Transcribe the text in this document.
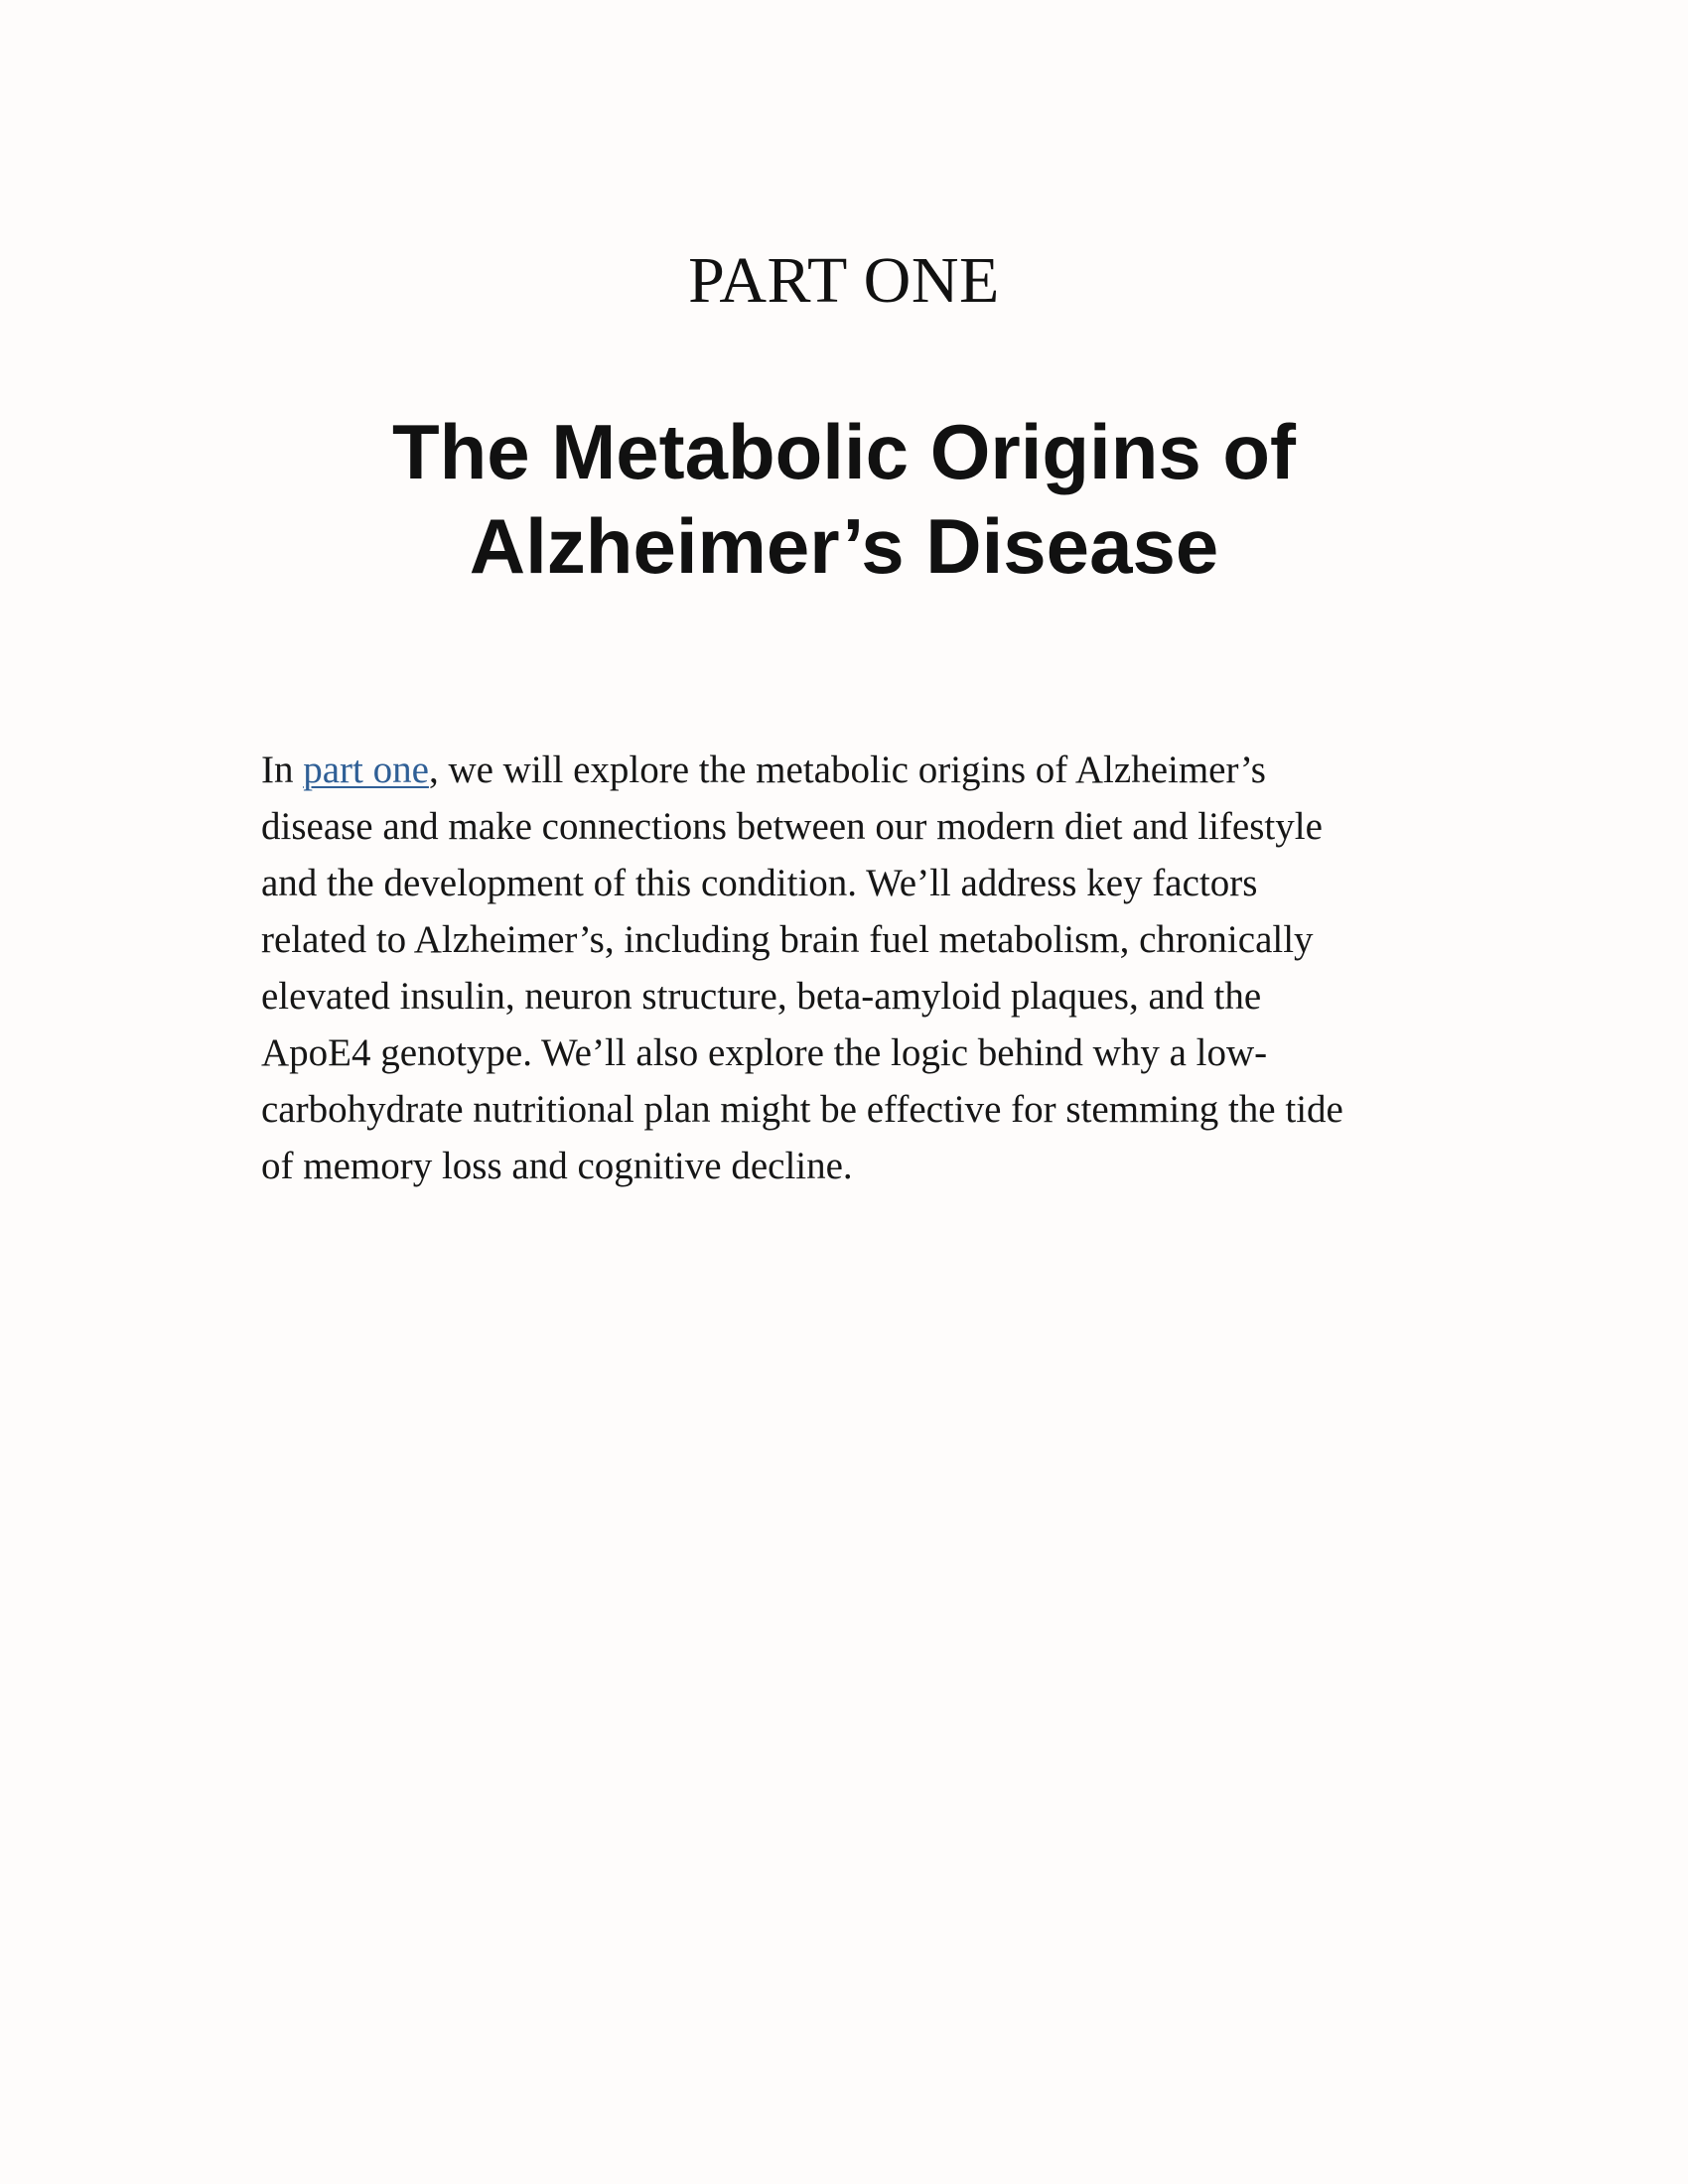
PART ONE
The Metabolic Origins of
Alzheimer’s Disease

In part one, we will explore the metabolic origins of Alzheimer’s
disease and make connections between our modern diet and lifestyle
and the development of this condition. We’ll address key factors
related to Alzheimer’s, including brain fuel metabolism, chronically
elevated insulin, neuron structure, beta-amyloid plaques, and the
ApoE4 genotype. We’ll also explore the logic behind why a low-
carbohydrate nutritional plan might be effective for stemming the tide
of memory loss and cognitive decline.
